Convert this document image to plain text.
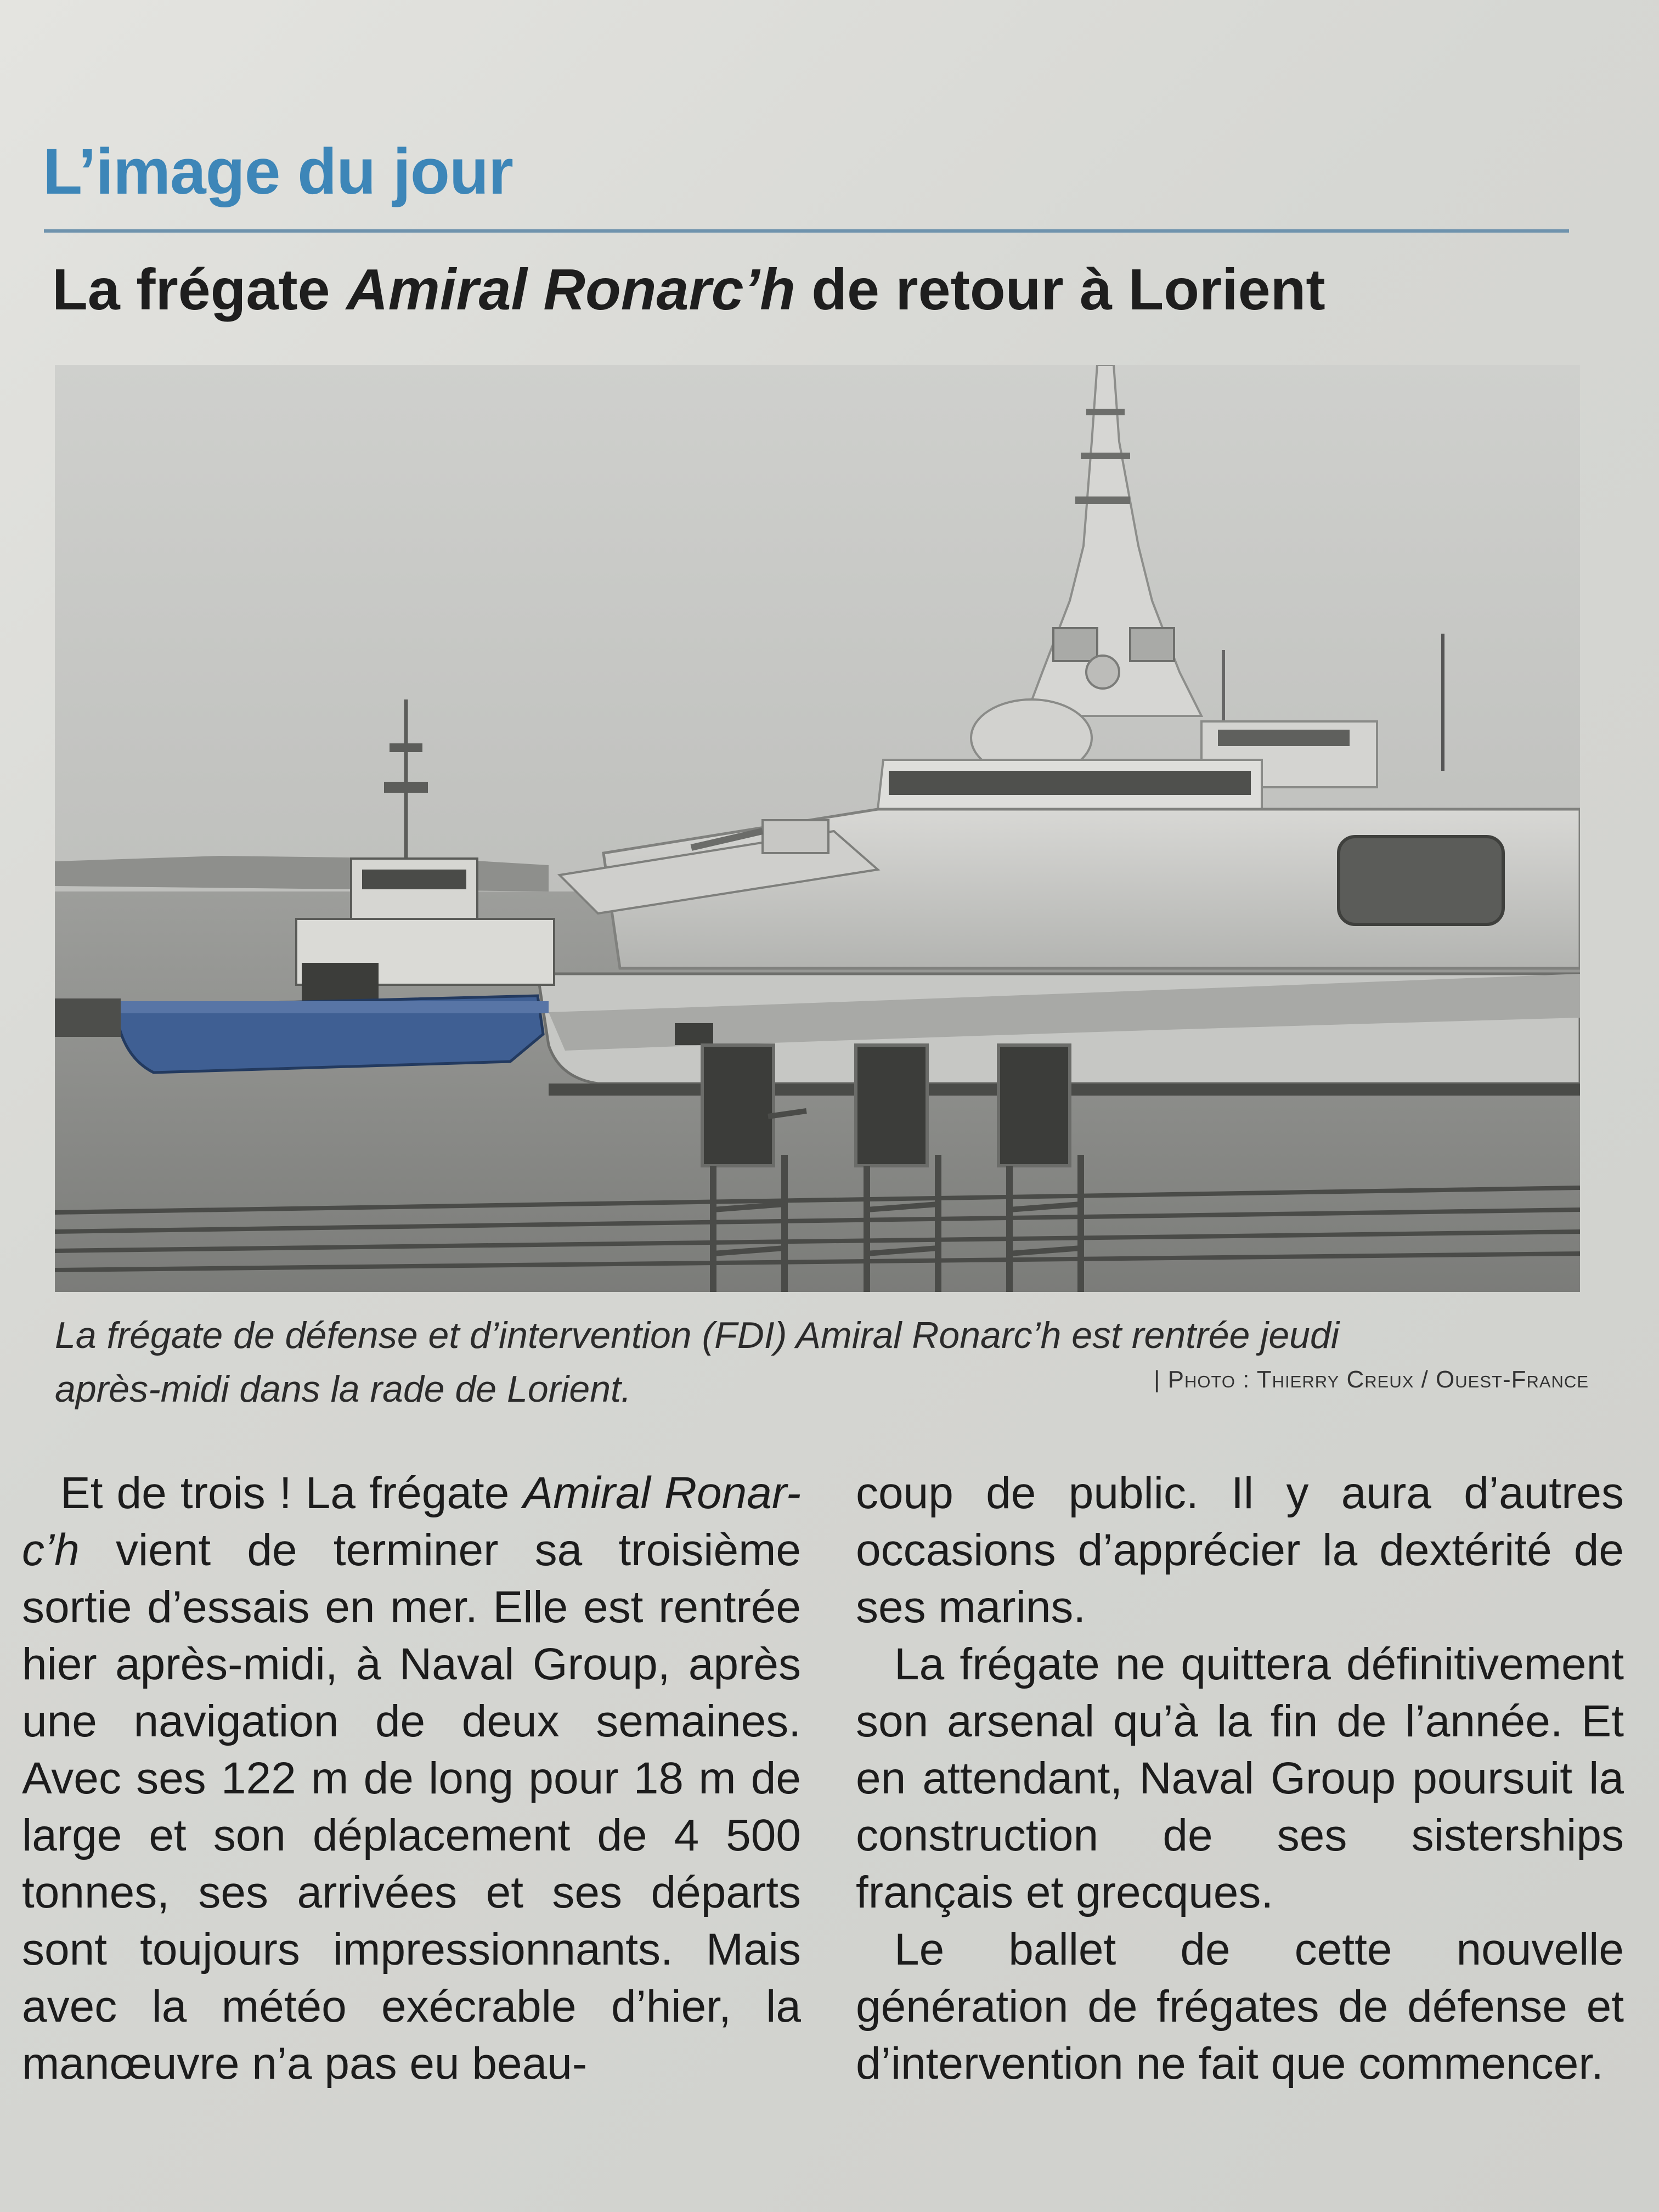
L’image du jour
La frégate Amiral Ronarc’h de retour à Lorient
La frégate de défense et d’intervention (FDI) Amiral Ronarc’h est rentrée jeudi
après-midi dans la rade de Lorient.	| Photo : Thierry Creux / Ouest-France

Et de trois ! La frégate Amiral Ronar-c’h vient de terminer sa troisième sortie d’essais en mer. Elle est rentrée hier après-midi, à Naval Group, après une navigation de deux semaines. Avec ses 122 m de long pour 18 m de large et son déplacement de 4 500 tonnes, ses arrivées et ses départs sont toujours impressionnants. Mais avec la météo exécrable d’hier, la manœuvre n’a pas eu beau-

coup de public. Il y aura d’autres occasions d’apprécier la dextérité de ses marins.

La frégate ne quittera définitivement son arsenal qu’à la fin de l’année. Et en attendant, Naval Group poursuit la construction de ses sisterships français et grecques.

Le ballet de cette nouvelle génération de frégates de défense et d’intervention ne fait que commencer.
